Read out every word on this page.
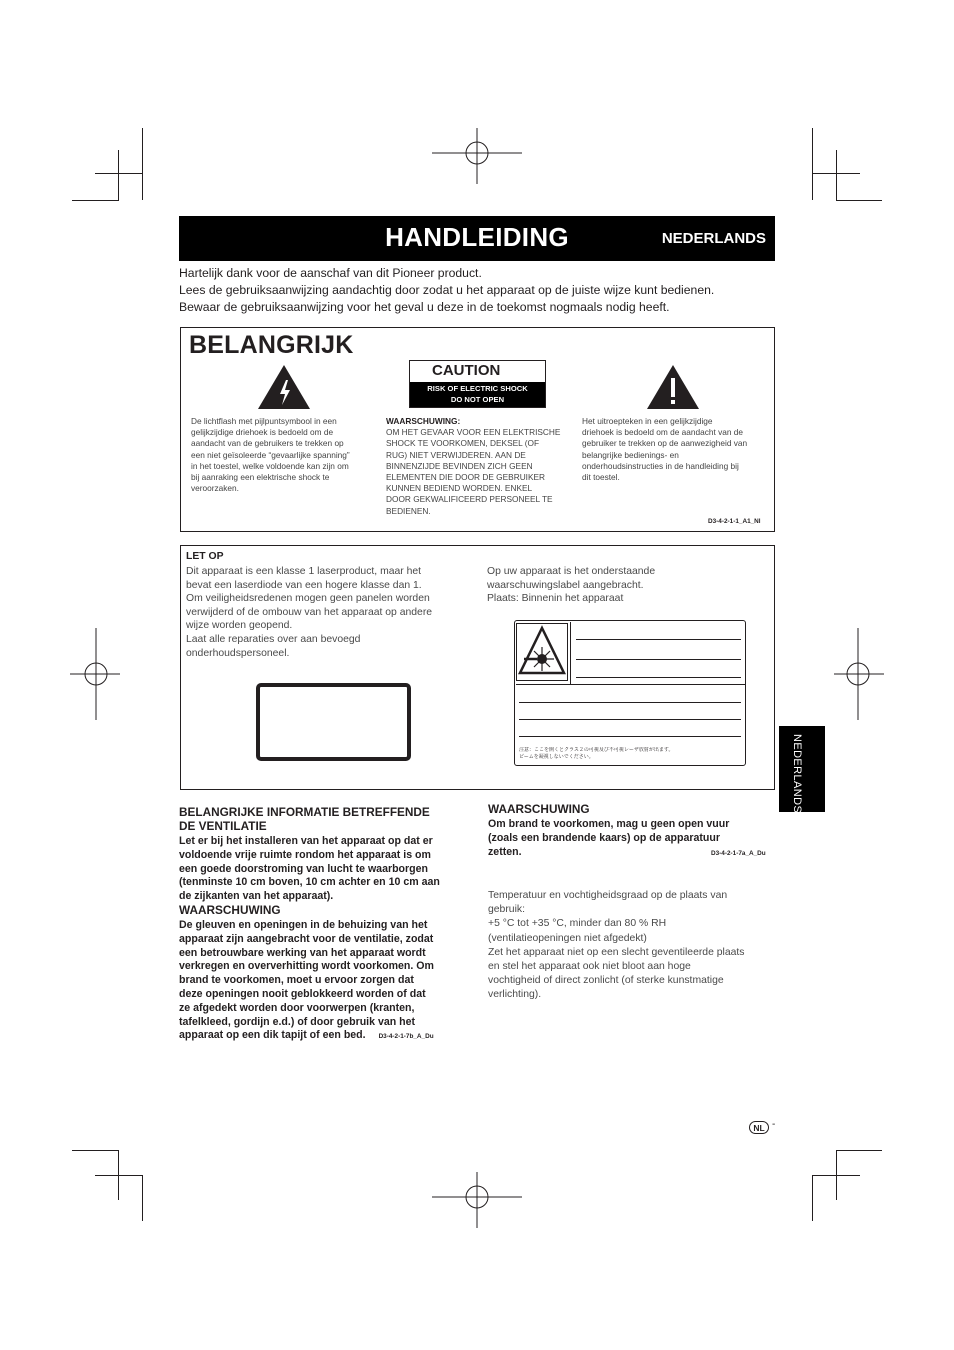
HANDLEIDING	NEDERLANDS
Hartelijk dank voor de aanschaf van dit Pioneer product.
Lees de gebruiksaanwijzing aandachtig door zodat u het apparaat op de juiste wijze kunt bedienen.
Bewaar de gebruiksaanwijzing voor het geval u deze in de toekomst nogmaals nodig heeft.
BELANGRIJK
CAUTION
RISK OF ELECTRIC SHOCK
DO NOT OPEN
De lichtflash met pijlpuntsymbool in een
gelijkzijdige driehoek is bedoeld om de
aandacht van de gebruikers te trekken op
een niet geïsoleerde “gevaarlijke spanning”
in het toestel, welke voldoende kan zijn om
bij aanraking een elektrische shock te
veroorzaken.
WAARSCHUWING:
OM HET GEVAAR VOOR EEN ELEKTRISCHE
SHOCK TE VOORKOMEN, DEKSEL (OF
RUG) NIET VERWIJDEREN. AAN DE
BINNENZIJDE BEVINDEN ZICH GEEN
ELEMENTEN DIE DOOR DE GEBRUIKER
KUNNEN BEDIEND WORDEN. ENKEL
DOOR GEKWALIFICEERD PERSONEEL TE
BEDIENEN.
Het uitroepteken in een gelijkzijdige
driehoek is bedoeld om de aandacht van de
gebruiker te trekken op de aanwezigheid van
belangrijke bedienings- en
onderhoudsinstructies in de handleiding bij
dit toestel.
D3-4-2-1-1_A1_Nl
LET OP
Dit apparaat is een klasse 1 laserproduct, maar het
bevat een laserdiode van een hogere klasse dan 1.
Om veiligheidsredenen mogen geen panelen worden
verwijderd of de ombouw van het apparaat op andere
wijze worden geopend.
Laat alle reparaties over aan bevoegd
onderhoudspersoneel.
Op uw apparaat is het onderstaande
waarschuwingslabel aangebracht.
Plaats: Binnenin het apparaat
注意：ここを開くとクラス２の可視及び不可視レーザ放射が出ます。
ビームを凝視しないでください。
BELANGRIJKE INFORMATIE BETREFFENDE
DE VENTILATIE
Let er bij het installeren van het apparaat op dat er
voldoende vrije ruimte rondom het apparaat is om
een goede doorstroming van lucht te waarborgen
(tenminste 10 cm boven, 10 cm achter en 10 cm aan
de zijkanten van het apparaat).
WAARSCHUWING
De gleuven en openingen in de behuizing van het
apparaat zijn aangebracht voor de ventilatie, zodat
een betrouwbare werking van het apparaat wordt
verkregen en oververhitting wordt voorkomen. Om
brand te voorkomen, moet u ervoor zorgen dat
deze openingen nooit geblokkeerd worden of dat
ze afgedekt worden door voorwerpen (kranten,
tafelkleed, gordijn e.d.) of door gebruik van het
apparaat op een dik tapijt of een bed. D3-4-2-1-7b_A_Du
WAARSCHUWING
Om brand te voorkomen, mag u geen open vuur
(zoals een brandende kaars) op de apparatuur
zetten.	D3-4-2-1-7a_A_Du
Temperatuur en vochtigheidsgraad op de plaats van
gebruik:
+5 °C tot +35 °C, minder dan 80 % RH
(ventilatieopeningen niet afgedekt)
Zet het apparaat niet op een slecht geventileerde plaats
en stel het apparaat ook niet bloot aan hoge
vochtigheid of direct zonlicht (of sterke kunstmatige
verlichting).
NEDERLANDS
NL -
